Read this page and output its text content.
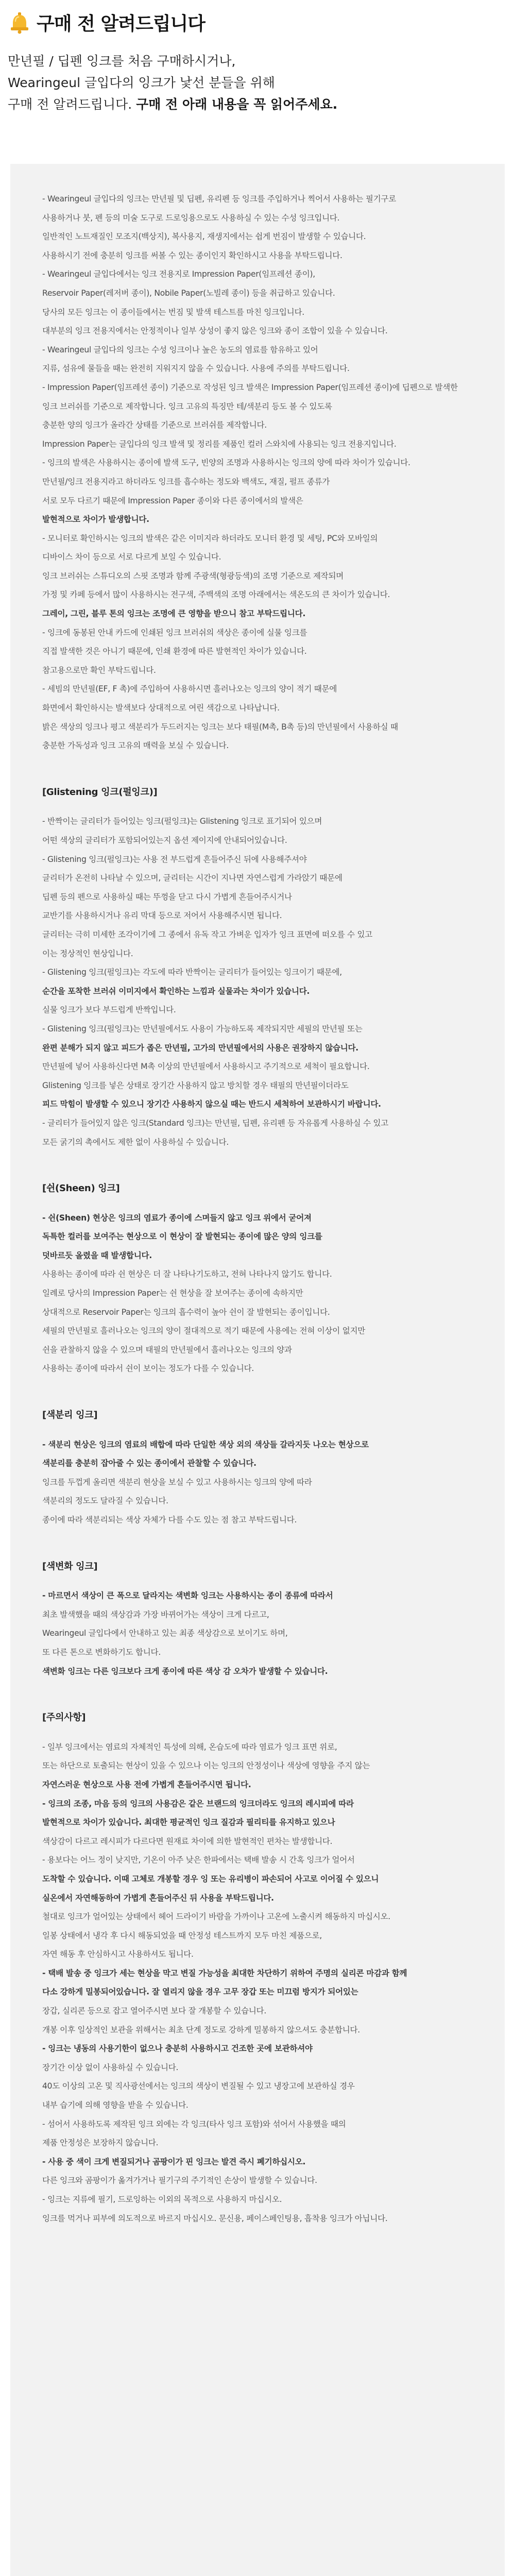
구매 전 알려드립니다
만년필 / 딥펜 잉크를 처음 구매하시거나,
Wearingeul 글입다의 잉크가 낯선 분들을 위해
구매 전 알려드립니다. 구매 전 아래 내용을 꼭 읽어주세요.
- Wearingeul 글입다의 잉크는 만년필 및 딥펜, 유리펜 등 잉크를 주입하거나 찍어서 사용하는 필기구로
사용하거나 붓, 펜 등의 미술 도구로 드로잉용으로도 사용하실 수 있는 수성 잉크입니다.
일반적인 노트재질인 모조지(백상지), 복사용지, 재생지에서는 쉽게 번짐이 발생할 수 있습니다.
사용하시기 전에 충분히 잉크를 써볼 수 있는 종이인지 확인하시고 사용을 부탁드립니다.
- Wearingeul 글입다에서는 잉크 전용지로 Impression Paper(임프레션 종이),
Reservoir Paper(레저버 종이), Nobile Paper(노빌레 종이) 등을 취급하고 있습니다.
당사의 모든 잉크는 이 종이들에서는 번짐 및 발색 테스트를 마친 잉크입니다.
대부분의 잉크 전용지에서는 안정적이나 일부 상성이 좋지 않은 잉크와 종이 조합이 있을 수 있습니다.
- Wearingeul 글입다의 잉크는 수성 잉크이나 높은 농도의 염료를 함유하고 있어
지류, 섬유에 물들을 때는 완전히 지워지지 않을 수 있습니다. 사용에 주의를 부탁드립니다.
- Impression Paper(임프레션 종이) 기준으로 작성된 잉크 발색은 Impression Paper(임프레션 종이)에 딥펜으로 발색한
잉크 브러쉬를 기준으로 제작합니다. 잉크 고유의 특징만 테/색분리 등도 볼 수 있도록
충분한 양의 잉크가 올라간 상태를 기준으로 브러쉬를 제작합니다.
Impression Paper는 글입다의 잉크 발색 및 정리를 제품인 컬러 스와치에 사용되는 잉크 전용지입니다.
- 잉크의 발색은 사용하시는 종이에 발색 도구, 빈양의 조명과 사용하시는 잉크의 양에 따라 차이가 있습니다.
만년필/잉크 전용지라고 하더라도 잉크를 흡수하는 정도와 백색도, 재질, 펄프 종류가
서로 모두 다르기 때문에 Impression Paper 종이와 다른 종이에서의 발색은
발현적으로 차이가 발생합니다.
- 모니터로 확인하시는 잉크의 발색은 같은 이미지라 하더라도 모니터 환경 및 세팅, PC와 모바일의
디바이스 차이 등으로 서로 다르게 보일 수 있습니다.
잉크 브러쉬는 스튜디오의 스핏 조명과 함께 주광색(형광등색)의 조명 기준으로 제작되며
가정 및 카페 등에서 많이 사용하시는 전구색, 주백색의 조명 아래에서는 색온도의 큰 차이가 있습니다.
그레이, 그린, 블루 톤의 잉크는 조명에 큰 영향을 받으니 참고 부탁드립니다.
- 잉크에 동봉된 안내 카드에 인쇄된 잉크 브러쉬의 색상은 종이에 실물 잉크를
직접 발색한 것은 아니기 때문에, 인쇄 환경에 따른 발현적인 차이가 있습니다.
참고용으로만 확인 부탁드립니다.
- 세빔의 만년필(EF, F 촉)에 주입하여 사용하시면 흘러나오는 잉크의 양이 적기 때문에
화면에서 확인하시는 발색보다 상대적으로 여린 색감으로 나타납니다.
밝은 색상의 잉크나 평고 색분리가 두드러지는 잉크는 보다 태필(M촉, B촉 등)의 만년필에서 사용하실 때
충분한 가독성과 잉크 고유의 매력을 보실 수 있습니다.
[Glistening 잉크(펄잉크)]
- 반짝이는 글리터가 들어있는 잉크(펄잉크)는 Glistening 잉크로 표기되어 있으며
어떤 색상의 글리터가 포함되어있는지 옵션 제이지에 안내되어있습니다.
- Glistening 잉크(펄잉크)는 사용 전 부드럽게 흔들어주신 뒤에 사용해주셔야
글리터가 온전히 나타날 수 있으며, 글리터는 시간이 지나면 자연스럽게 가라앉기 때문에
딥펜 등의 펜으로 사용하실 때는 뚜껑을 닫고 다시 가볍게 흔들어주시거나
교반기를 사용하시거나 유리 막대 등으로 저어서 사용해주시면 됩니다.
글리터는 극히 미세한 조각이기에 그 종에서 유독 작고 가벼운 입자가 잉크 표면에 떠오를 수 있고
이는 정상적인 현상입니다.
- Glistening 잉크(펄잉크)는 각도에 따라 반짝이는 글리터가 들어있는 잉크이기 때문에,
순간을 포착한 브러쉬 이미지에서 확인하는 느낌과 실물과는 차이가 있습니다.
실물 잉크가 보다 부드럽게 반짝입니다.
- Glistening 잉크(펄잉크)는 만년필에서도 사용이 가능하도록 제작되지만 세필의 만년필 또는
완편 분해가 되지 않고 피드가 좁은 만년필, 고가의 만년필에서의 사용은 권장하지 않습니다.
만년필에 넣어 사용하신다면 M촉 이상의 만년필에서 사용하시고 주기적으로 세척이 필요합니다.
Glistening 잉크를 넣은 상태로 장기간 사용하지 않고 방치할 경우 태필의 만년필이더라도
피드 막힘이 발생할 수 있으니 장기간 사용하지 않으실 때는 반드시 세척하여 보관하시기 바랍니다.
- 글리터가 들어있지 않은 잉크(Standard 잉크)는 만년필, 딥펜, 유리펜 등 자유롭게 사용하실 수 있고
모든 굵기의 촉에서도 제한 없이 사용하실 수 있습니다.
[쉰(Sheen) 잉크]
- 쉰(Sheen) 현상은 잉크의 염료가 종이에 스며들지 않고 잉크 위에서 굳어져
독특한 컬러를 보여주는 현상으로 이 현상이 잘 발현되는 종이에 많은 양의 잉크를
덧바르듯 올렸을 때 발생합니다.
사용하는 종이에 따라 쉰 현상은 더 잘 나타나기도하고, 전혀 나타나지 않기도 합니다.
일례로 당사의 Impression Paper는 쉰 현상을 잘 보여주는 종이에 속하지만
상대적으로 Reservoir Paper는 잉크의 흡수력이 높아 쉰이 잘 발현되는 종이입니다.
세필의 만년필로 흘러나오는 잉크의 양이 절대적으로 적기 때문에 사용에는 전혀 이상이 없지만
쉰을 관찰하지 않을 수 있으며 태필의 만년필에서 흘러나오는 잉크의 양과
사용하는 종이에 따라서 쉰이 보이는 정도가 다를 수 있습니다.
[색분리 잉크]
- 색분리 현상은 잉크의 염료의 배합에 따라 단일한 색상 외의 색상들 갈라지듯 나오는 현상으로
색분리를 충분히 잡아줄 수 있는 종이에서 관찰할 수 있습니다.
잉크를 두껍게 올리면 색분리 현상을 보실 수 있고 사용하시는 잉크의 양에 따라
색분리의 정도도 달라질 수 있습니다.
종이에 따라 색분리되는 색상 자체가 다를 수도 있는 점 참고 부탁드립니다.
[색변화 잉크]
- 마르면서 색상이 큰 폭으로 달라지는 색변화 잉크는 사용하시는 종이 종류에 따라서
최초 발색했을 때의 색상감과 가장 바뀌어가는 색상이 크게 다르고,
Wearingeul 글입다에서 안내하고 있는 최종 색상감으로 보이기도 하며,
또 다른 톤으로 변화하기도 합니다.
색변화 잉크는 다른 잉크보다 크게 종이에 따른 색상 감 오차가 발생할 수 있습니다.
[주의사항]
- 일부 잉크에서는 염료의 자체적인 특성에 의해, 온습도에 따라 염료가 잉크 표면 위로,
또는 하단으로 토출되는 현상이 있을 수 있으나 이는 잉크의 안정성이나 색상에 영향을 주지 않는
자연스러운 현상으로 사용 전에 가볍게 흔들어주시면 됩니다.
- 잉크의 조종, 마음 등의 잉크의 사용감은 같은 브랜드의 잉크더라도 잉크의 레시피에 따라
발현적으로 차이가 있습니다. 최대한 평균적인 잉크 질감과 필리티를 유지하고 있으나
색상감이 다르고 레시피가 다르다면 원재료 차이에 의한 발현적인 편차는 발생합니다.
- 용보다는 어느 정이 낮지만, 기온이 아주 낮은 한파에서는 택배 발송 시 간혹 잉크가 얼어서
도착할 수 있습니다. 이때 고체로 개봉할 경우 잉 또는 유리병이 파손되어 사고로 이어질 수 있으니
실온에서 자연해동하여 가볍게 흔들어주신 뒤 사용을 부탁드립니다.
철대로 잉크가 얼어있는 상태에서 헤어 드라이기 바람을 가까이나 고온에 노출시켜 해동하지 마십시오.
일봉 상태에서 냉각 후 다시 해동되었을 때 안정성 테스트까지 모두 마친 제품으로,
자연 해동 후 안심하시고 사용하셔도 됩니다.
- 택배 발송 중 잉크가 세는 현상을 막고 변질 가능성을 최대한 차단하기 위하여 주명의 실리콘 마감과 함께
다소 강하게 밀봉되어있습니다. 잘 열리지 않을 경우 고무 장갑 또는 미끄럼 방지가 되어있는
장갑, 실리콘 등으로 잡고 열어주시면 보다 잘 개봉할 수 있습니다.
개봉 이후 일상적인 보관을 위해서는 최초 단계 정도로 강하게 밀봉하지 않으셔도 충분합니다.
- 잉크는 냉동의 사용기한이 없으나 충분히 사용하시고 건조한 곳에 보관하셔야
장기간 이상 없이 사용하실 수 있습니다.
40도 이상의 고온 및 직사광선에서는 잉크의 색상이 변질될 수 있고 냉장고에 보관하실 경우
내부 습기에 의해 영향을 받을 수 있습니다.
- 섬어서 사용하도록 제작된 잉크 외에는 각 잉크(타사 잉크 포함)와 섞어서 사용했을 때의
제품 안정성은 보장하지 않습니다.
- 사용 중 색이 크게 변질되거나 곰팡이가 핀 잉크는 발견 즉시 폐기하십시오.
다른 잉크와 곰팡이가 옮겨가거나 필기구의 주기적인 손상이 발생할 수 있습니다.
- 잉크는 지류에 필기, 드로잉하는 이외의 목적으로 사용하지 마십시오.
잉크를 먹거나 피부에 의도적으로 바르지 마십시오. 문신용, 페이스페인팅용, 흡착용 잉크가 아닙니다.
